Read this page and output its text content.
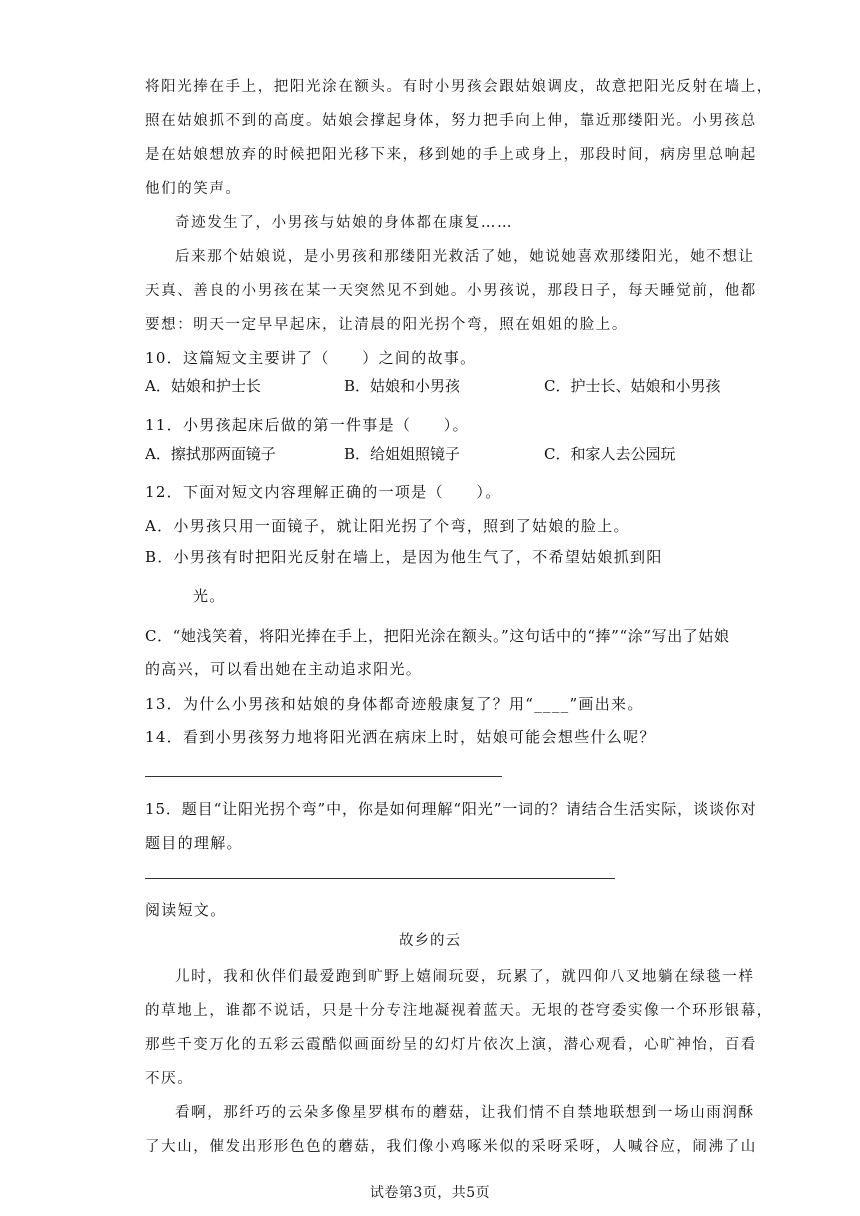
将阳光捧在手上，把阳光涂在额头。有时小男孩会跟姑娘调皮，故意把阳光反射在墙上，

照在姑娘抓不到的高度。姑娘会撑起身体，努力把手向上伸，靠近那缕阳光。小男孩总

是在姑娘想放弃的时候把阳光移下来，移到她的手上或身上，那段时间，病房里总响起

他们的笑声。

奇迹发生了，小男孩与姑娘的身体都在康复……

后来那个姑娘说，是小男孩和那缕阳光救活了她，她说她喜欢那缕阳光，她不想让

天真、善良的小男孩在某一天突然见不到她。小男孩说，那段日子，每天睡觉前，他都

要想：明天一定早早起床，让清晨的阳光拐个弯，照在姐姐的脸上。

10．这篇短文主要讲了（　　）之间的故事。

A．姑娘和护士长	B．姑娘和小男孩	C．护士长、姑娘和小男孩

11．小男孩起床后做的第一件事是（　　）。

A．擦拭那两面镜子	B．给姐姐照镜子	C．和家人去公园玩

12．下面对短文内容理解正确的一项是（　　）。

A．小男孩只用一面镜子，就让阳光拐了个弯，照到了姑娘的脸上。

B．小男孩有时把阳光反射在墙上，是因为他生气了，不希望姑娘抓到阳

光。

C．“她浅笑着，将阳光捧在手上，把阳光涂在额头。”这句话中的“捧”“涂”写出了姑娘

的高兴，可以看出她在主动追求阳光。

13．为什么小男孩和姑娘的身体都奇迹般康复了？用“____”画出来。

14．看到小男孩努力地将阳光洒在病床上时，姑娘可能会想些什么呢？

15．题目“让阳光拐个弯”中，你是如何理解“阳光”一词的？请结合生活实际，谈谈你对

题目的理解。

阅读短文。

故乡的云

儿时，我和伙伴们最爱跑到旷野上嬉闹玩耍，玩累了，就四仰八叉地躺在绿毯一样

的草地上，谁都不说话，只是十分专注地凝视着蓝天。无垠的苍穹委实像一个环形银幕，

那些千变万化的五彩云霞酷似画面纷呈的幻灯片依次上演，潜心观看，心旷神怡，百看

不厌。

看啊，那纤巧的云朵多像星罗棋布的蘑菇，让我们情不自禁地联想到一场山雨润酥

了大山，催发出形形色色的蘑菇，我们像小鸡啄米似的采呀采呀，人喊谷应，闹沸了山

试卷第3页，共5页
